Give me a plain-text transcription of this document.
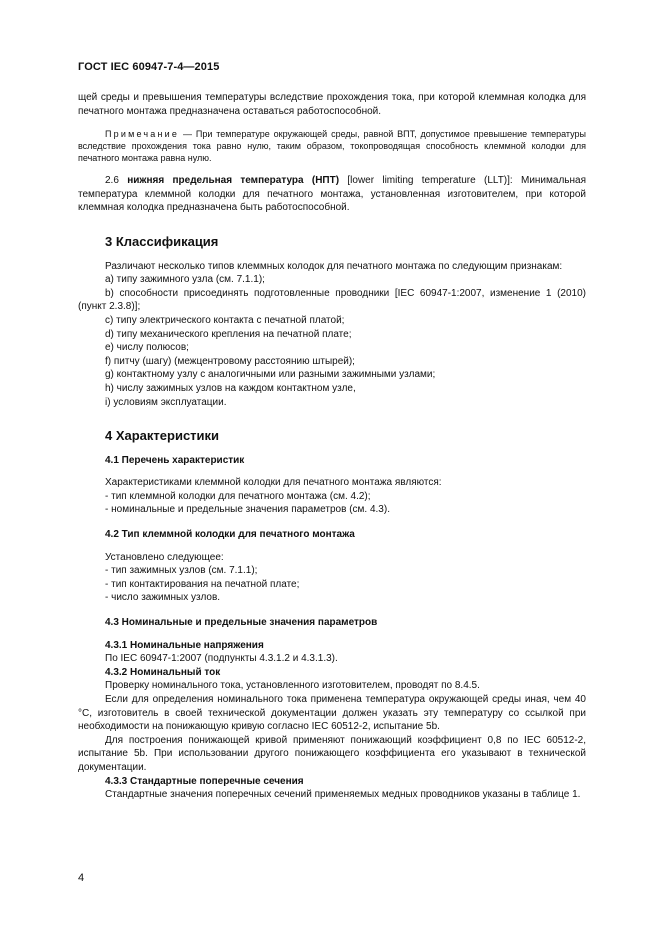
ГОСТ IEC 60947-7-4—2015

щей среды и превышения температуры вследствие прохождения тока, при которой клеммная колодка для печатного монтажа предназначена оставаться работоспособной.

Примечание — При температуре окружающей среды, равной ВПТ, допустимое превышение температуры вследствие прохождения тока равно нулю, таким образом, токопроводящая способность клеммной колодки для печатного монтажа равна нулю.

2.6 нижняя предельная температура (НПТ) [lower limiting temperature (LLT)]: Минимальная температура клеммной колодки для печатного монтажа, установленная изготовителем, при которой клеммная колодка предназначена быть работоспособной.

3 Классификация

Различают несколько типов клеммных колодок для печатного монтажа по следующим признакам:

a) типу зажимного узла (см. 7.1.1);

b) способности присоединять подготовленные проводники [IEC 60947-1:2007, изменение 1 (2010) (пункт 2.3.8)];

c) типу электрического контакта с печатной платой;

d) типу механического крепления на печатной плате;

e) числу полюсов;

f) питчу (шагу) (межцентровому расстоянию штырей);

g) контактному узлу с аналогичными или разными зажимными узлами;

h) числу зажимных узлов на каждом контактном узле,

i) условиям эксплуатации.

4 Характеристики
4.1 Перечень характеристик

Характеристиками клеммной колодки для печатного монтажа являются:

- тип клеммной колодки для печатного монтажа (см. 4.2);

- номинальные и предельные значения параметров (см. 4.3).

4.2 Тип клеммной колодки для печатного монтажа

Установлено следующее:

- тип зажимных узлов (см. 7.1.1);

- тип контактирования на печатной плате;

- число зажимных узлов.

4.3 Номинальные и предельные значения параметров
4.3.1 Номинальные напряжения

По IEC 60947-1:2007 (подпункты 4.3.1.2 и 4.3.1.3).

4.3.2 Номинальный ток

Проверку номинального тока, установленного изготовителем, проводят по 8.4.5.

Если для определения номинального тока применена температура окружающей среды иная, чем 40 °С, изготовитель в своей технической документации должен указать эту температуру со ссылкой при необходимости на понижающую кривую согласно IEC 60512-2, испытание 5b.

Для построения понижающей кривой применяют понижающий коэффициент 0,8 по IEC 60512-2, испытание 5b. При использовании другого понижающего коэффициента его указывают в технической документации.

4.3.3 Стандартные поперечные сечения

Стандартные значения поперечных сечений применяемых медных проводников указаны в таблице 1.

4
